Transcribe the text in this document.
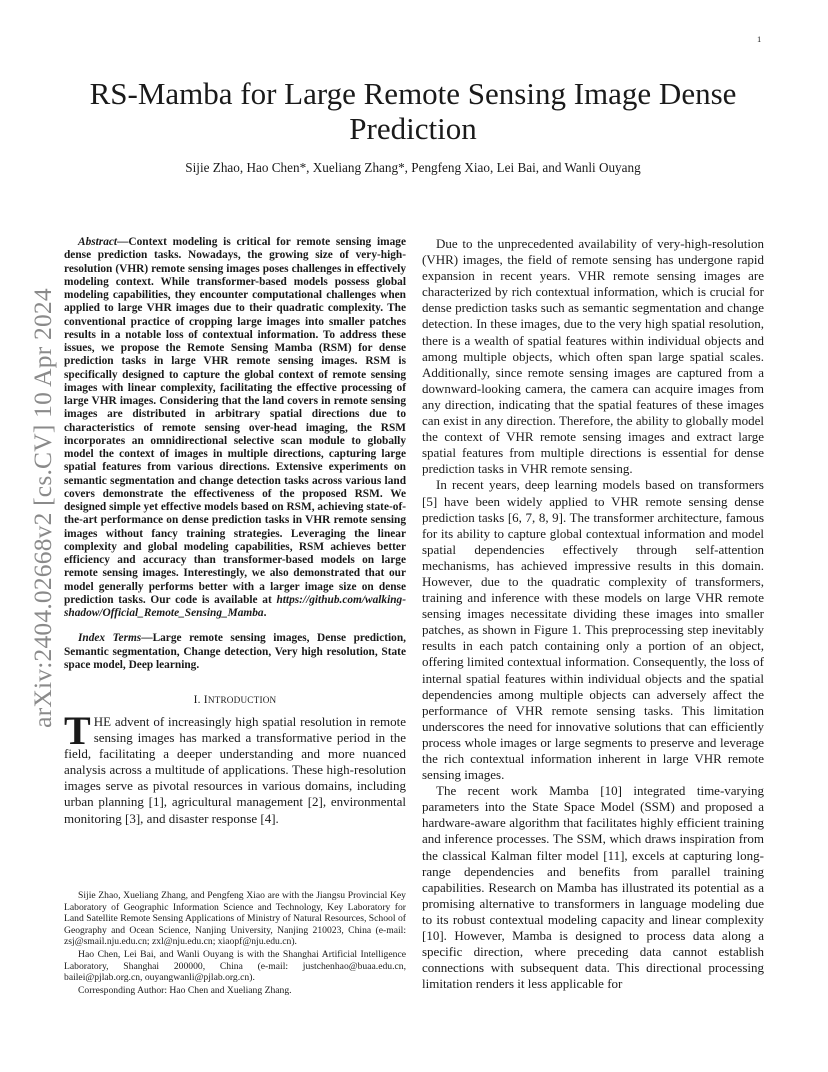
1
arXiv:2404.02668v2 [cs.CV] 10 Apr 2024
RS-Mamba for Large Remote Sensing Image Dense Prediction
Sijie Zhao, Hao Chen*, Xueliang Zhang*, Pengfeng Xiao, Lei Bai, and Wanli Ouyang

Abstract—Context modeling is critical for remote sensing image dense prediction tasks. Nowadays, the growing size of very-high-resolution (VHR) remote sensing images poses challenges in effectively modeling context. While transformer-based models possess global modeling capabilities, they encounter computational challenges when applied to large VHR images due to their quadratic complexity. The conventional practice of cropping large images into smaller patches results in a notable loss of contextual information. To address these issues, we propose the Remote Sensing Mamba (RSM) for dense prediction tasks in large VHR remote sensing images. RSM is specifically designed to capture the global context of remote sensing images with linear complexity, facilitating the effective processing of large VHR images. Considering that the land covers in remote sensing images are distributed in arbitrary spatial directions due to characteristics of remote sensing over-head imaging, the RSM incorporates an omnidirectional selective scan module to globally model the context of images in multiple directions, capturing large spatial features from various directions. Extensive experiments on semantic segmentation and change detection tasks across various land covers demonstrate the effectiveness of the proposed RSM. We designed simple yet effective models based on RSM, achieving state-of-the-art performance on dense prediction tasks in VHR remote sensing images without fancy training strategies. Leveraging the linear complexity and global modeling capabilities, RSM achieves better efficiency and accuracy than transformer-based models on large remote sensing images. Interestingly, we also demonstrated that our model generally performs better with a larger image size on dense prediction tasks. Our code is available at https://github.com/walking-shadow/Official_Remote_Sensing_Mamba.

Index Terms—Large remote sensing images, Dense prediction, Semantic segmentation, Change detection, Very high resolution, State space model, Deep learning.

I. INTRODUCTION

THE advent of increasingly high spatial resolution in remote sensing images has marked a transformative period in the field, facilitating a deeper understanding and more nuanced analysis across a multitude of applications. These high-resolution images serve as pivotal resources in various domains, including urban planning [1], agricultural management [2], environmental monitoring [3], and disaster response [4].

Sijie Zhao, Xueliang Zhang, and Pengfeng Xiao are with the Jiangsu Provincial Key Laboratory of Geographic Information Science and Technology, Key Laboratory for Land Satellite Remote Sensing Applications of Ministry of Natural Resources, School of Geography and Ocean Science, Nanjing University, Nanjing 210023, China (e-mail: zsj@smail.nju.edu.cn; zxl@nju.edu.cn; xiaopf@nju.edu.cn).

Hao Chen, Lei Bai, and Wanli Ouyang is with the Shanghai Artificial Intelligence Laboratory, Shanghai 200000, China (e-mail: justchenhao@buaa.edu.cn, bailei@pjlab.org.cn, ouyangwanli@pjlab.org.cn).

Corresponding Author: Hao Chen and Xueliang Zhang.

Due to the unprecedented availability of very-high-resolution (VHR) images, the field of remote sensing has undergone rapid expansion in recent years. VHR remote sensing images are characterized by rich contextual information, which is crucial for dense prediction tasks such as semantic segmentation and change detection. In these images, due to the very high spatial resolution, there is a wealth of spatial features within individual objects and among multiple objects, which often span large spatial scales. Additionally, since remote sensing images are captured from a downward-looking camera, the camera can acquire images from any direction, indicating that the spatial features of these images can exist in any direction. Therefore, the ability to globally model the context of VHR remote sensing images and extract large spatial features from multiple directions is essential for dense prediction tasks in VHR remote sensing.

In recent years, deep learning models based on transformers [5] have been widely applied to VHR remote sensing dense prediction tasks [6, 7, 8, 9]. The transformer architecture, famous for its ability to capture global contextual information and model spatial dependencies effectively through self-attention mechanisms, has achieved impressive results in this domain. However, due to the quadratic complexity of transformers, training and inference with these models on large VHR remote sensing images necessitate dividing these images into smaller patches, as shown in Figure 1. This preprocessing step inevitably results in each patch containing only a portion of an object, offering limited contextual information. Consequently, the loss of internal spatial features within individual objects and the spatial dependencies among multiple objects can adversely affect the performance of VHR remote sensing tasks. This limitation underscores the need for innovative solutions that can efficiently process whole images or large segments to preserve and leverage the rich contextual information inherent in large VHR remote sensing images.

The recent work Mamba [10] integrated time-varying parameters into the State Space Model (SSM) and proposed a hardware-aware algorithm that facilitates highly efficient training and inference processes. The SSM, which draws inspiration from the classical Kalman filter model [11], excels at capturing long-range dependencies and benefits from parallel training capabilities. Research on Mamba has illustrated its potential as a promising alternative to transformers in language modeling due to its robust contextual modeling capacity and linear complexity [10]. However, Mamba is designed to process data along a specific direction, where preceding data cannot establish connections with subsequent data. This directional processing limitation renders it less applicable for
